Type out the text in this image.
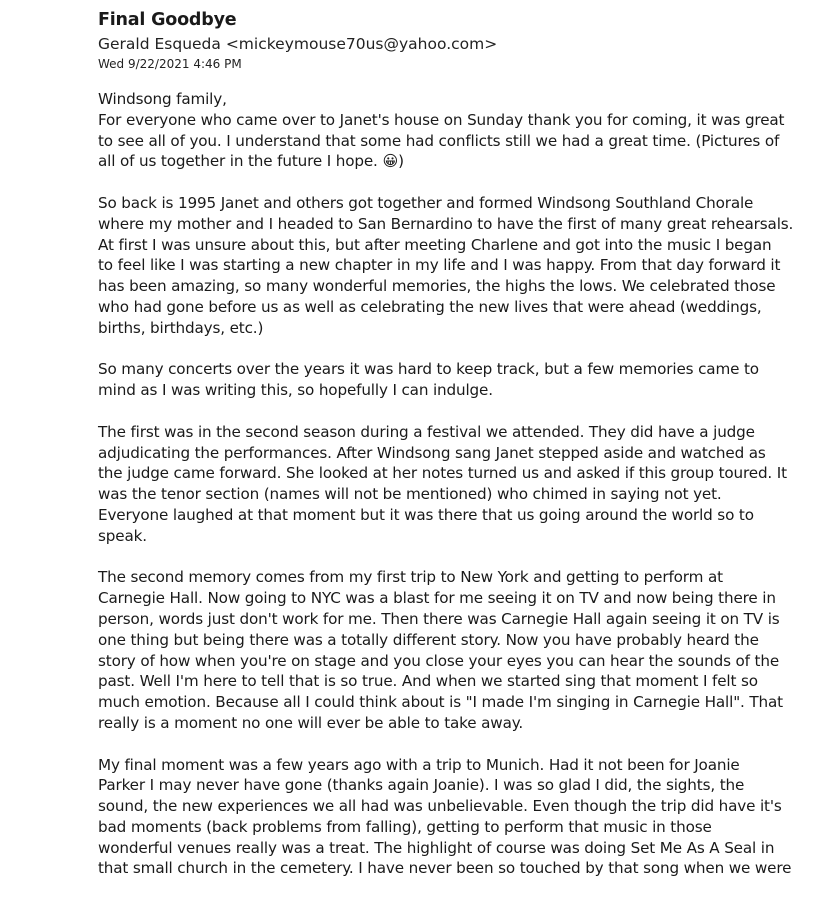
Final Goodbye
Gerald Esqueda <mickeymouse70us@yahoo.com>
Wed 9/22/2021 4:46 PM

Windsong family,
For everyone who came over to Janet's house on Sunday thank you for coming, it was great
to see all of you. I understand that some had conflicts still we had a great time. (Pictures of
all of us together in the future I hope. 😀)

So back is 1995 Janet and others got together and formed Windsong Southland Chorale
where my mother and I headed to San Bernardino to have the first of many great rehearsals.
At first I was unsure about this, but after meeting Charlene and got into the music I began
to feel like I was starting a new chapter in my life and I was happy. From that day forward it
has been amazing, so many wonderful memories, the highs the lows. We celebrated those
who had gone before us as well as celebrating the new lives that were ahead (weddings,
births, birthdays, etc.)

So many concerts over the years it was hard to keep track, but a few memories came to
mind as I was writing this, so hopefully I can indulge.

The first was in the second season during a festival we attended. They did have a judge
adjudicating the performances. After Windsong sang Janet stepped aside and watched as
the judge came forward. She looked at her notes turned us and asked if this group toured. It
was the tenor section (names will not be mentioned) who chimed in saying not yet.
Everyone laughed at that moment but it was there that us going around the world so to
speak.

The second memory comes from my first trip to New York and getting to perform at
Carnegie Hall. Now going to NYC was a blast for me seeing it on TV and now being there in
person, words just don't work for me. Then there was Carnegie Hall again seeing it on TV is
one thing but being there was a totally different story. Now you have probably heard the
story of how when you're on stage and you close your eyes you can hear the sounds of the
past. Well I'm here to tell that is so true. And when we started sing that moment I felt so
much emotion. Because all I could think about is "I made I'm singing in Carnegie Hall". That
really is a moment no one will ever be able to take away.

My final moment was a few years ago with a trip to Munich. Had it not been for Joanie
Parker I may never have gone (thanks again Joanie). I was so glad I did, the sights, the
sound, the new experiences we all had was unbelievable. Even though the trip did have it's
bad moments (back problems from falling), getting to perform that music in those
wonderful venues really was a treat. The highlight of course was doing Set Me As A Seal in
that small church in the cemetery. I have never been so touched by that song when we were
